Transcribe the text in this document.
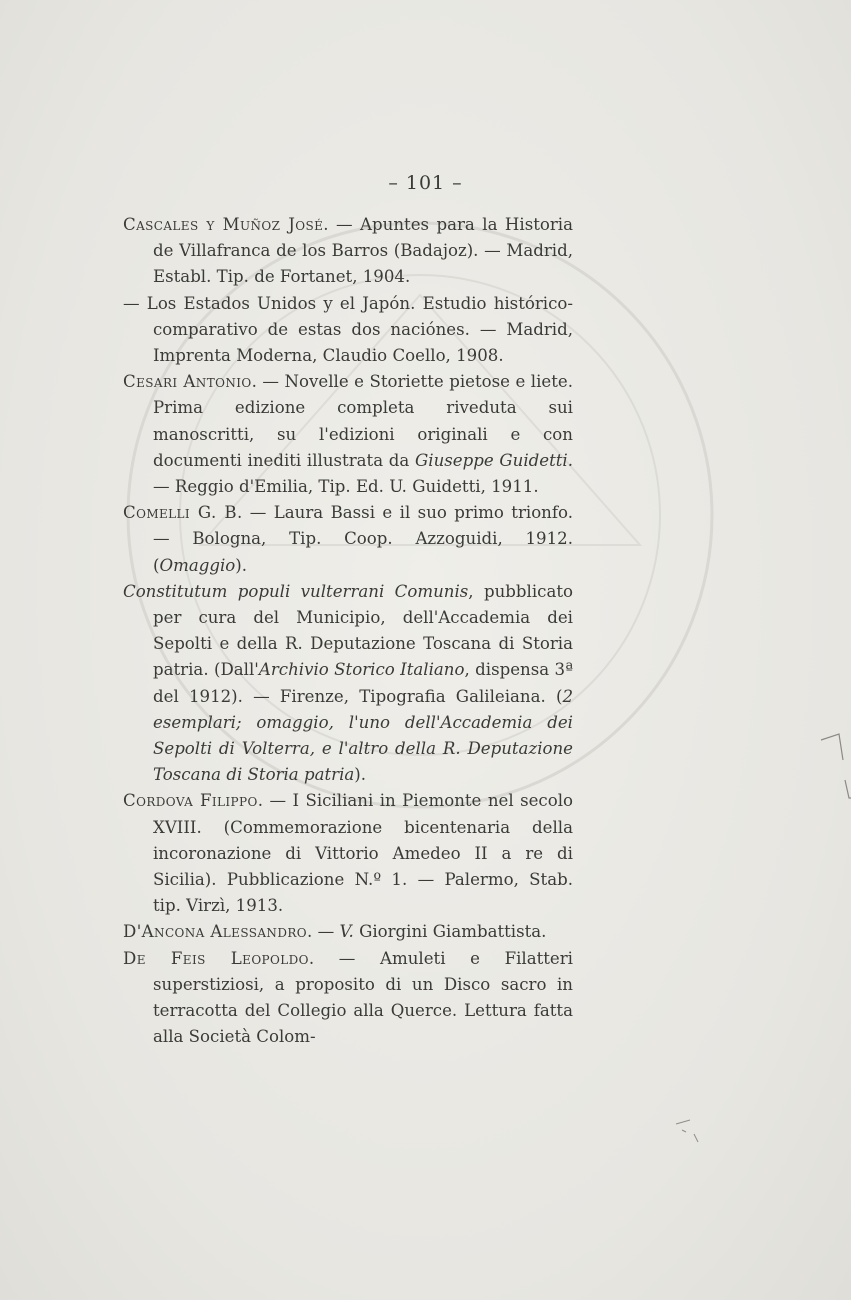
– 101 –

Cascales y Muñoz José. — Apuntes para la Historia de Villafranca de los Barros (Badajoz). — Madrid, Establ. Tip. de Fortanet, 1904.

— Los Estados Unidos y el Japón. Estudio histórico-comparativo de estas dos naciónes. — Madrid, Imprenta Moderna, Claudio Coello, 1908.

Cesari Antonio. — Novelle e Storiette pietose e liete. Prima edizione completa riveduta sui manoscritti, su l'edizioni originali e con documenti inediti illustrata da Giuseppe Guidetti. — Reggio d'Emilia, Tip. Ed. U. Guidetti, 1911.

Comelli G. B. — Laura Bassi e il suo primo trionfo. — Bologna, Tip. Coop. Azzoguidi, 1912. (Omaggio).

Constitutum populi vulterrani Comunis, pubblicato per cura del Municipio, dell'Accademia dei Sepolti e della R. Deputazione Toscana di Storia patria. (Dall'Archivio Storico Italiano, dispensa 3ª del 1912). — Firenze, Tipografia Galileiana. (2 esemplari; omaggio, l'uno dell'Accademia dei Sepolti di Volterra, e l'altro della R. Deputazione Toscana di Storia patria).

Cordova Filippo. — I Siciliani in Piemonte nel secolo XVIII. (Commemorazione bicentenaria della incoronazione di Vittorio Amedeo II a re di Sicilia). Pubblicazione N.º 1. — Palermo, Stab. tip. Virzì, 1913.

D'Ancona Alessandro. — V. Giorgini Giambattista.

De Feis Leopoldo. — Amuleti e Filatteri superstiziosi, a proposito di un Disco sacro in terracotta del Collegio alla Querce. Lettura fatta alla Società Colom-
